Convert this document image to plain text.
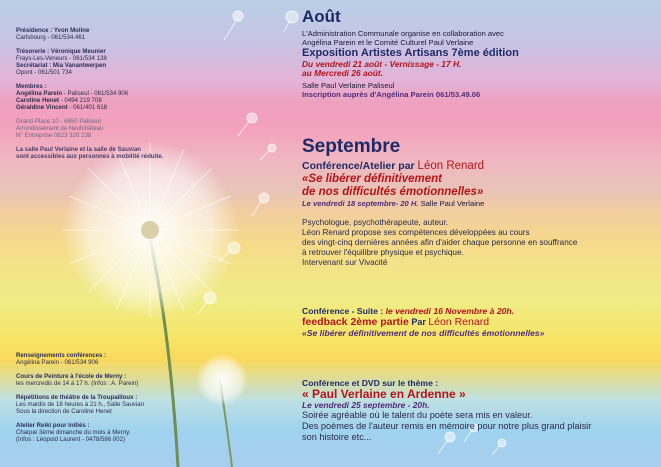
Présidence : Yvon Moline
Carlsbourg - 061/534.461
Trésorerie : Véronique Meunier
Frays-Les-Veneurs - 061/534 138
Secrétariat : Mia Vanantwerpen
Opont - 061/501 734
Membres :
Angélina Parein - Paliseul - 061/534 906
Caroline Henet - 0494 219 708
Géraldine Vincent - 061/401 618
Grand-Place 10 - 6850 Paliseul
Arrondissement de Neufchâteau
N° Entreprise 0823 326 238
La salle Paul Verlaine et la salle de Sauvian
sont accessibles aux personnes à mobilité réduite.
Renseignements conférences :
Angélina Parein - 061/534 906
Cours de Peinture à l'école de Merny :
les mercredis de 14 à 17 h. (Infos : A. Parein)
Répétitions de théâtre de la Troupailloux :
Les mardis de 18 heures à 21 h., Salle Sauvian
Sous la direction de Caroline Henet
Atelier Reiki pour initiés :
Chaque 3ème dimanche du mois à Merny.
(Infos : Léopold Laurent - 0478/586 002)
Août
L'Administration Communale organise en collaboration avec
Angélina Parein et le Comité Culturel Paul Verlaine
Exposition Artistes Artisans 7ème édition
Du vendredi 21 août - Vernissage - 17 H.
au Mercredi 26 août.
Salle Paul Verlaine Paliseul
Inscription auprès d'Angélina Parein 061/53.49.06
Septembre
Conférence/Atelier par Léon Renard
«Se libérer définitivement
de nos difficultés émotionnelles»
Le vendredi 18 septembre- 20 H. Salle Paul Verlaine
Psychologue, psychothérapeute, auteur.
Léon Renard propose ses compétences développées au cours
des vingt-cinq dernières années afin d'aider chaque personne en souffrance
à retrouver l'équilibre physique et psychique.
Intervenant sur Vivacité
Conférence - Suite : le vendredi 16 Novembre à 20h.
feedback 2ème partie Par Léon Renard
«Se libérer définitivement de nos difficultés émotionnelles»
Conférence et DVD sur le thème :
« Paul Verlaine en Ardenne »
Le vendredi 25 septembre - 20h.
Soirée agréable où le talent du poète sera mis en valeur.
Des poèmes de l'auteur remis en mémoire pour notre plus grand plaisir
son histoire etc...
